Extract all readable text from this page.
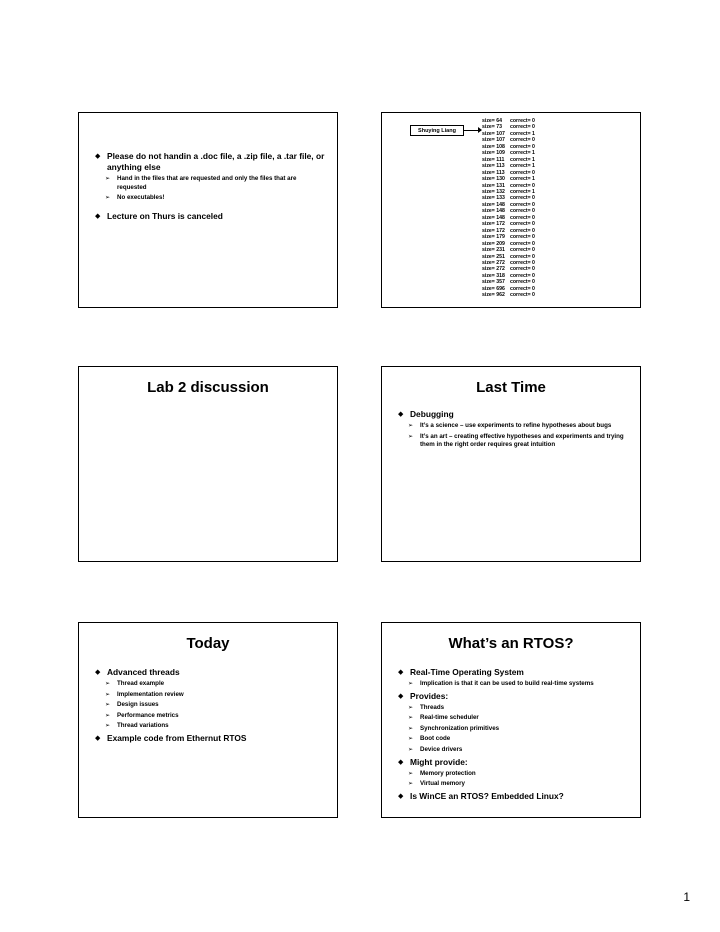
◆ Please do not handin a .doc file, a .zip file, a .tar file, or anything else
➢ Hand in the files that are requested and only the files that are requested
➢ No executables!
◆ Lecture on Thurs is canceled
Shuying Liang
size= 64 correct= 0
size= 73 correct= 0
size= 107 correct= 1
size= 107 correct= 0
size= 108 correct= 0
size= 109 correct= 1
size= 111 correct= 1
size= 113 correct= 1
size= 113 correct= 0
size= 130 correct= 1
size= 131 correct= 0
size= 132 correct= 1
size= 133 correct= 0
size= 148 correct= 0
size= 148 correct= 0
size= 148 correct= 0
size= 172 correct= 0
size= 172 correct= 0
size= 179 correct= 0
size= 209 correct= 0
size= 231 correct= 0
size= 251 correct= 0
size= 272 correct= 0
size= 272 correct= 0
size= 318 correct= 0
size= 357 correct= 0
size= 696 correct= 0
size= 962 correct= 0
Lab 2 discussion	Last Time
◆ Debugging
➢ It’s a science – use experiments to refine hypotheses about bugs
➢ It’s an art – creating effective hypotheses and experiments and trying them in the right order requires great intuition
Today
◆ Advanced threads
➢ Thread example
➢ Implementation review
➢ Design issues
➢ Performance metrics
➢ Thread variations
◆ Example code from Ethernut RTOS
What’s an RTOS?
◆ Real-Time Operating System
➢ Implication is that it can be used to build real-time systems
◆ Provides:
➢ Threads
➢ Real-time scheduler
➢ Synchronization primitives
➢ Boot code
➢ Device drivers
◆ Might provide:
➢ Memory protection
➢ Virtual memory
◆ Is WinCE an RTOS? Embedded Linux?
1
